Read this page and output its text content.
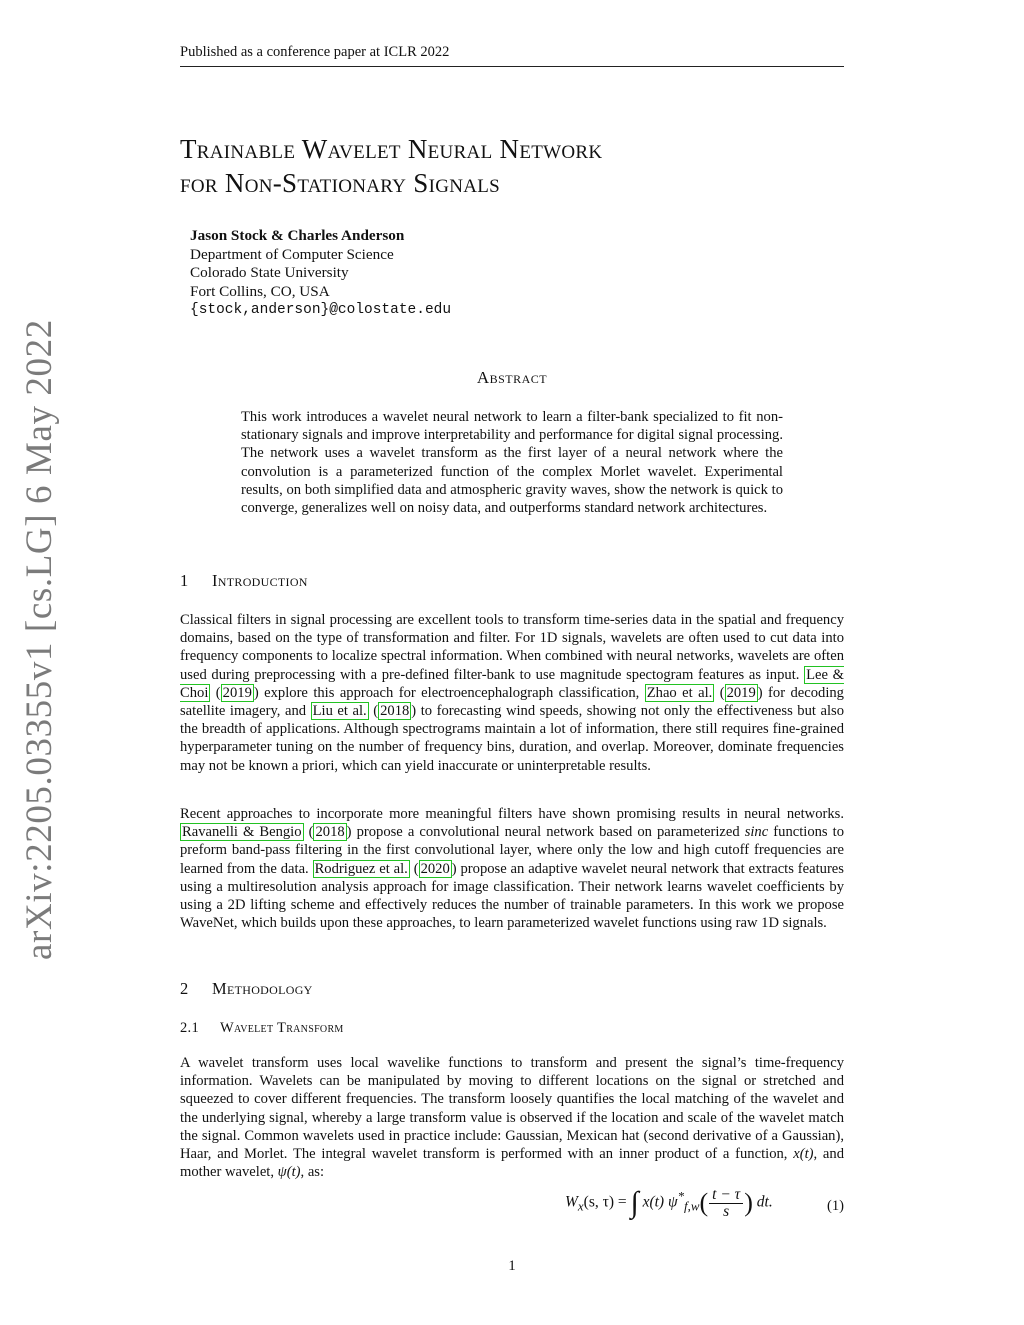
Published as a conference paper at ICLR 2022
arXiv:2205.03355v1 [cs.LG] 6 May 2022
Trainable Wavelet Neural Network
for Non-Stationary Signals
Jason Stock & Charles Anderson
Department of Computer Science
Colorado State University
Fort Collins, CO, USA
{stock,anderson}@colostate.edu
Abstract
This work introduces a wavelet neural network to learn a filter-bank specialized to fit non-stationary signals and improve interpretability and performance for digital signal processing. The network uses a wavelet transform as the first layer of a neural network where the convolution is a parameterized function of the complex Morlet wavelet. Experimental results, on both simplified data and atmospheric gravity waves, show the network is quick to converge, generalizes well on noisy data, and outperforms standard network architectures.
1 Introduction
Classical filters in signal processing are excellent tools to transform time-series data in the spatial and frequency domains, based on the type of transformation and filter. For 1D signals, wavelets are often used to cut data into frequency components to localize spectral information. When combined with neural networks, wavelets are often used during preprocessing with a pre-defined filter-bank to use magnitude spectogram features as input. Lee & Choi ( 2019 ) explore this approach for electroencephalograph classification, Zhao et al. ( 2019 ) for decoding satellite imagery, and Liu et al. ( 2018 ) to forecasting wind speeds, showing not only the effectiveness but also the breadth of applications. Although spectrograms maintain a lot of information, there still requires fine-grained hyperparameter tuning on the number of frequency bins, duration, and overlap. Moreover, dominate frequencies may not be known a priori, which can yield inaccurate or uninterpretable results.
Recent approaches to incorporate more meaningful filters have shown promising results in neural networks. Ravanelli & Bengio ( 2018 ) propose a convolutional neural network based on parameterized sinc functions to preform band-pass filtering in the first convolutional layer, where only the low and high cutoff frequencies are learned from the data. Rodriguez et al. ( 2020 ) propose an adaptive wavelet neural network that extracts features using a multiresolution analysis approach for image classification. Their network learns wavelet coefficients by using a 2D lifting scheme and effectively reduces the number of trainable parameters. In this work we propose WaveNet, which builds upon these approaches, to learn parameterized wavelet functions using raw 1D signals.
2 Methodology
2.1 Wavelet Transform
A wavelet transform uses local wavelike functions to transform and present the signal’s time-frequency information. Wavelets can be manipulated by moving to different locations on the signal or stretched and squeezed to cover different frequencies. The transform loosely quantifies the local matching of the wavelet and the underlying signal, whereby a large transform value is observed if the location and scale of the wavelet match the signal. Common wavelets used in practice include: Gaussian, Mexican hat (second derivative of a Gaussian), Haar, and Morlet. The integral wavelet transform is performed with an inner product of a function, x(t), and mother wavelet, ψ(t), as:
$W_x(s$, τ) = ∫ x(t) $\psi^*_{f,w}( \frac{t - \tau}{s}$ ) dt.	(1)
1
